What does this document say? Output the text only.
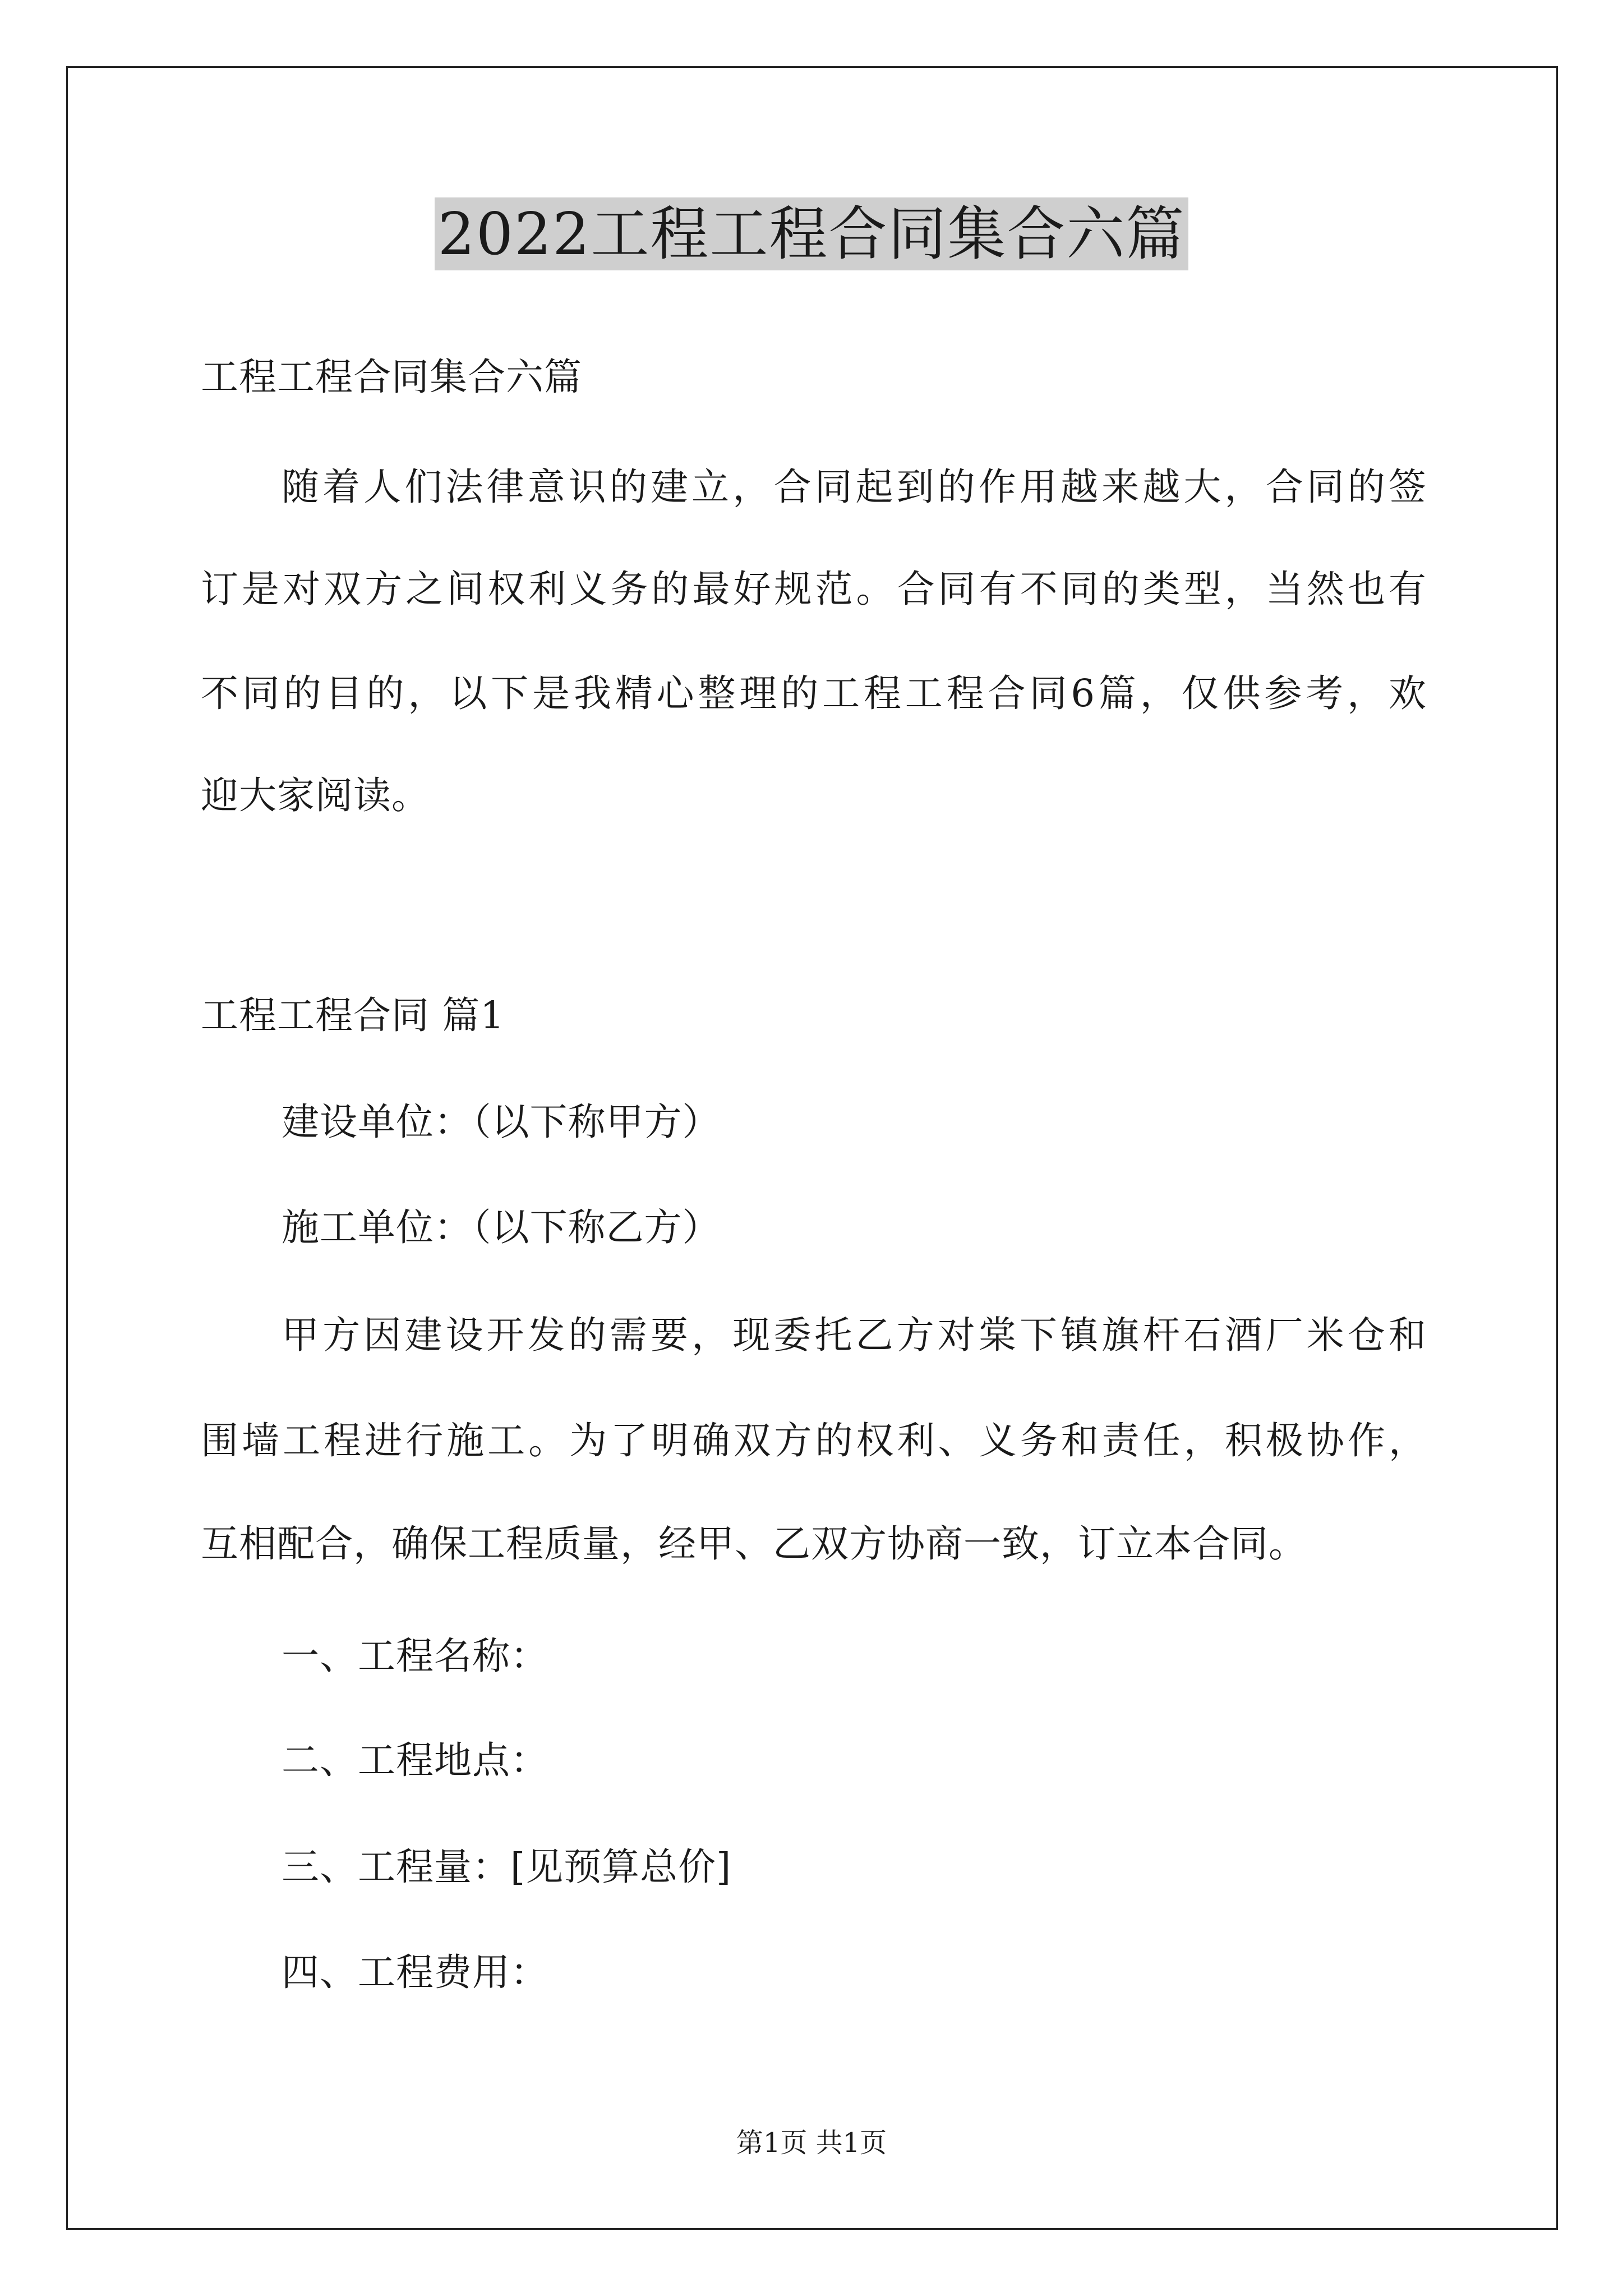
2022工程工程合同集合六篇
工程工程合同集合六篇
随着人们法律意识的建立，合同起到的作用越来越大，合同的签
订是对双方之间权利义务的最好规范。合同有不同的类型，当然也有
不同的目的，以下是我精心整理的工程工程合同6篇，仅供参考，欢
迎大家阅读。
工程工程合同 篇1
建设单位：（以下称甲方）
施工单位：（以下称乙方）
甲方因建设开发的需要，现委托乙方对棠下镇旗杆石酒厂米仓和
围墙工程进行施工。为了明确双方的权利、义务和责任，积极协作，
互相配合，确保工程质量，经甲、乙双方协商一致，订立本合同。
一、工程名称：
二、工程地点：
三、工程量：[见预算总价]
四、工程费用：
第1页 共1页
